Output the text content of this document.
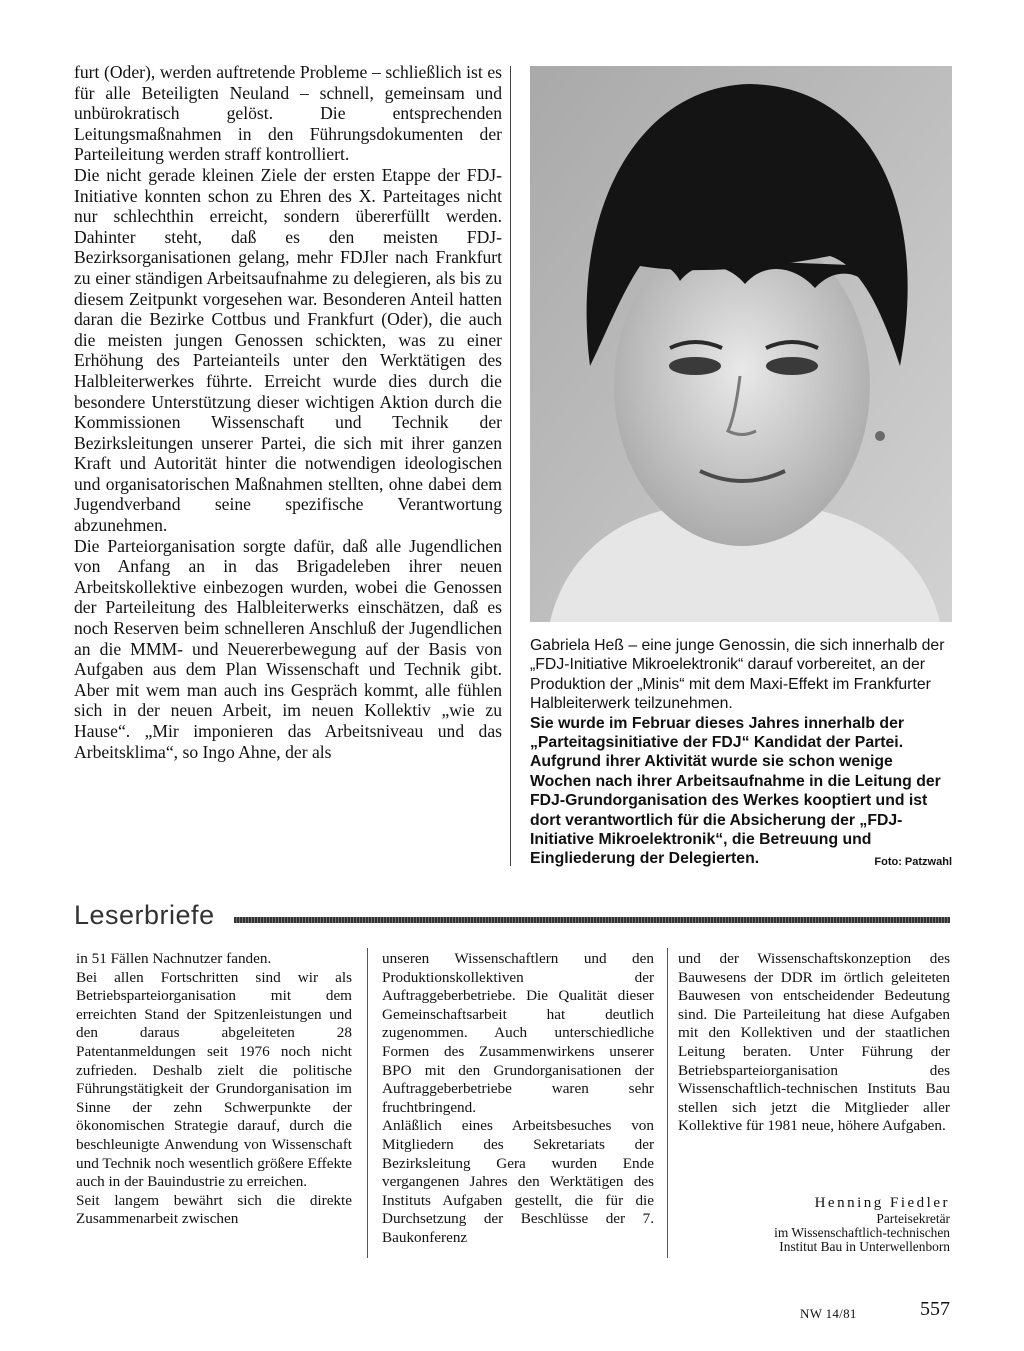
furt (Oder), werden auftretende Probleme – schließlich ist es für alle Beteiligten Neuland – schnell, gemeinsam und unbürokratisch gelöst. Die entsprechenden Leitungsmaßnahmen in den Führungsdokumenten der Parteileitung werden straff kontrolliert.

Die nicht gerade kleinen Ziele der ersten Etappe der FDJ-Initiative konnten schon zu Ehren des X. Parteitages nicht nur schlechthin erreicht, sondern übererfüllt werden. Dahinter steht, daß es den meisten FDJ-Bezirksorganisationen gelang, mehr FDJler nach Frankfurt zu einer ständigen Arbeitsaufnahme zu delegieren, als bis zu diesem Zeitpunkt vorgesehen war. Besonderen Anteil hatten daran die Bezirke Cottbus und Frankfurt (Oder), die auch die meisten jungen Genossen schickten, was zu einer Erhöhung des Parteianteils unter den Werktätigen des Halbleiterwerkes führte. Erreicht wurde dies durch die besondere Unterstützung dieser wichtigen Aktion durch die Kommissionen Wissenschaft und Technik der Bezirksleitungen unserer Partei, die sich mit ihrer ganzen Kraft und Autorität hinter die notwendigen ideologischen und organisatorischen Maßnahmen stellten, ohne dabei dem Jugendverband seine spezifische Verantwortung abzunehmen.

Die Parteiorganisation sorgte dafür, daß alle Jugendlichen von Anfang an in das Brigadeleben ihrer neuen Arbeitskollektive einbezogen wurden, wobei die Genossen der Parteileitung des Halbleiterwerks einschätzen, daß es noch Reserven beim schnelleren Anschluß der Jugendlichen an die MMM- und Neuererbewegung auf der Basis von Aufgaben aus dem Plan Wissenschaft und Technik gibt. Aber mit wem man auch ins Gespräch kommt, alle fühlen sich in der neuen Arbeit, im neuen Kollektiv „wie zu Hause“. „Mir imponieren das Arbeitsniveau und das Arbeitsklima“, so Ingo Ahne, der als

Gabriela Heß – eine junge Genossin, die sich innerhalb der „FDJ-Initiative Mikroelektronik“ darauf vorbereitet, an der Produktion der „Minis“ mit dem Maxi-Effekt im Frankfurter Halbleiterwerk teilzunehmen.

Sie wurde im Februar dieses Jahres innerhalb der „Parteitagsinitiative der FDJ“ Kandidat der Partei. Aufgrund ihrer Aktivität wurde sie schon wenige Wochen nach ihrer Arbeitsaufnahme in die Leitung der FDJ-Grundorganisation des Werkes kooptiert und ist dort verantwortlich für die Absicherung der „FDJ-Initiative Mikroelektronik“, die Betreuung und Eingliederung der Delegierten.	Foto: Patzwahl

Leserbriefe

in 51 Fällen Nachnutzer fanden.

Bei allen Fortschritten sind wir als Betriebsparteiorganisation mit dem erreichten Stand der Spitzenleistungen und den daraus abgeleiteten 28 Patentanmeldungen seit 1976 noch nicht zufrieden. Deshalb zielt die politische Führungstätigkeit der Grundorganisation im Sinne der zehn Schwerpunkte der ökonomischen Strategie darauf, durch die beschleunigte Anwendung von Wissenschaft und Technik noch wesentlich größere Effekte auch in der Bauindustrie zu erreichen.

Seit langem bewährt sich die direkte Zusammenarbeit zwischen

unseren Wissenschaftlern und den Produktionskollektiven der Auftraggeberbetriebe. Die Qualität dieser Gemeinschaftsarbeit hat deutlich zugenommen. Auch unterschiedliche Formen des Zusammenwirkens unserer BPO mit den Grundorganisationen der Auftraggeberbetriebe waren sehr fruchtbringend.

Anläßlich eines Arbeitsbesuches von Mitgliedern des Sekretariats der Bezirksleitung Gera wurden Ende vergangenen Jahres den Werktätigen des Instituts Aufgaben gestellt, die für die Durchsetzung der Beschlüsse der 7. Baukonferenz

und der Wissenschaftskonzeption des Bauwesens der DDR im örtlich geleiteten Bauwesen von entscheidender Bedeutung sind. Die Parteileitung hat diese Aufgaben mit den Kollektiven und der staatlichen Leitung beraten. Unter Führung der Betriebsparteiorganisation des Wissenschaftlich-technischen Instituts Bau stellen sich jetzt die Mitglieder aller Kollektive für 1981 neue, höhere Aufgaben.

Henning Fiedler
Parteisekretär
im Wissenschaftlich-technischen
Institut Bau in Unterwellenborn
NW 14/81	557
